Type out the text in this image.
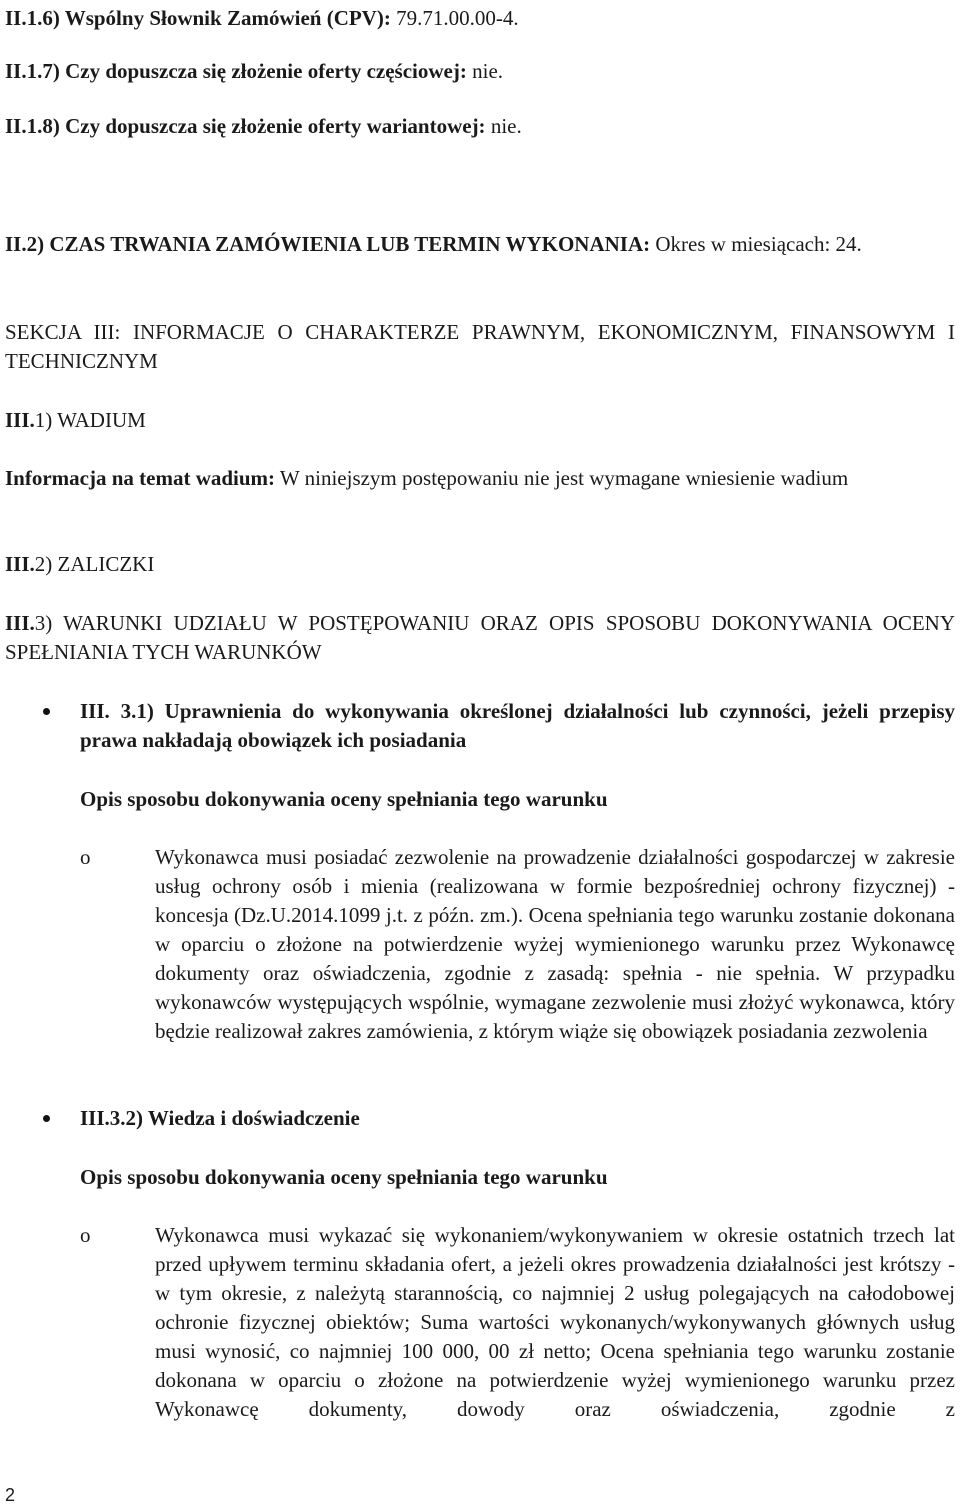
II.1.6) Wspólny Słownik Zamówień (CPV): 79.71.00.00-4.
II.1.7) Czy dopuszcza się złożenie oferty częściowej: nie.
II.1.8) Czy dopuszcza się złożenie oferty wariantowej: nie.
II.2) CZAS TRWANIA ZAMÓWIENIA LUB TERMIN WYKONANIA: Okres w miesiącach: 24.
SEKCJA III: INFORMACJE O CHARAKTERZE PRAWNYM, EKONOMICZNYM, FINANSOWYM I TECHNICZNYM
III.1) WADIUM
Informacja na temat wadium: W niniejszym postępowaniu nie jest wymagane wniesienie wadium
III.2) ZALICZKI
III.3) WARUNKI UDZIAŁU W POSTĘPOWANIU ORAZ OPIS SPOSOBU DOKONYWANIA OCENY SPEŁNIANIA TYCH WARUNKÓW
III. 3.1) Uprawnienia do wykonywania określonej działalności lub czynności, jeżeli przepisy prawa nakładają obowiązek ich posiadania
Opis sposobu dokonywania oceny spełniania tego warunku
o	Wykonawca musi posiadać zezwolenie na prowadzenie działalności gospodarczej w zakresie usług ochrony osób i mienia (realizowana w formie bezpośredniej ochrony fizycznej) - koncesja (Dz.U.2014.1099 j.t. z późn. zm.). Ocena spełniania tego warunku zostanie dokonana w oparciu o złożone na potwierdzenie wyżej wymienionego warunku przez Wykonawcę dokumenty oraz oświadczenia, zgodnie z zasadą: spełnia - nie spełnia. W przypadku wykonawców występujących wspólnie, wymagane zezwolenie musi złożyć wykonawca, który będzie realizował zakres zamówienia, z którym wiąże się obowiązek posiadania zezwolenia
III.3.2) Wiedza i doświadczenie
Opis sposobu dokonywania oceny spełniania tego warunku
o	Wykonawca musi wykazać się wykonaniem/wykonywaniem w okresie ostatnich trzech lat przed upływem terminu składania ofert, a jeżeli okres prowadzenia działalności jest krótszy - w tym okresie, z należytą starannością, co najmniej 2 usług polegających na całodobowej ochronie fizycznej obiektów; Suma wartości wykonanych/wykonywanych głównych usług musi wynosić, co najmniej 100 000, 00 zł netto; Ocena spełniania tego warunku zostanie dokonana w oparciu o złożone na potwierdzenie wyżej wymienionego warunku przez Wykonawcę dokumenty, dowody oraz oświadczenia, zgodnie z
2
